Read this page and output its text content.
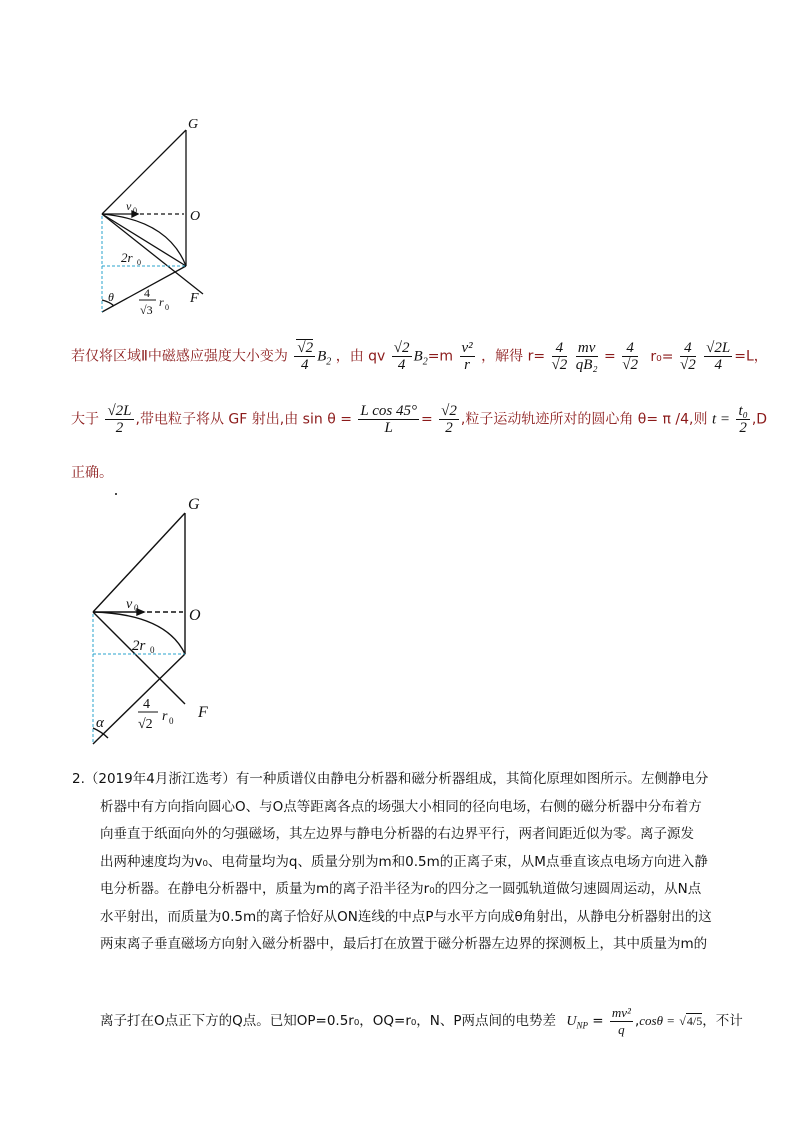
G
O
F
v 0
2r 0
θ	4
√3
r 0
若仅将区域Ⅱ中磁感应强度大小变为 $\frac{√2}{4} B_2$ ，由 qv $\frac{√2}{4} B_2=m \frac{\text{v²}}{r}$ ，解得 $r= \frac{4}{√2}$
$\frac{mv}{\text{qB₂}} = \frac{4}{√2} r_0= \frac{4}{√2}$
$\frac{√2L}{4} =L$，
大于 $\frac{√2L}{2}$ ,带电粒子将从 GF 射出,由 $\sin \theta = \frac{\text{L cos 45°}}{L} = \frac{√2}{2}$ ,粒子运动轨迹所对的圆心角 θ= π /4,则 $t = \frac{\text{t₀}}{2} ,D$
正确。
G
O
F
v 0
2r 0
α
4
√2
r 0

2.（2019年4月浙江选考）有一种质谱仪由静电分析器和磁分析器组成，其简化原理如图所示。左侧静电分

析器中有方向指向圆心O、与O点等距离各点的场强大小相同的径向电场，右侧的磁分析器中分布着方

向垂直于纸面向外的匀强磁场，其左边界与静电分析器的右边界平行，两者间距近似为零。离子源发

出两种速度均为v₀、电荷量均为q、质量分别为m和0.5m的正离子束，从M点垂直该点电场方向进入静

电分析器。在静电分析器中，质量为m的离子沿半径为r₀的四分之一圆弧轨道做匀速圆周运动，从N点

水平射出，而质量为0.5m的离子恰好从ON连线的中点P与水平方向成θ角射出，从静电分析器射出的这

两束离子垂直磁场方向射入磁分析器中，最后打在放置于磁分析器左边界的探测板上，其中质量为m的

离子打在O点正下方的Q点。已知OP=0.5r₀，OQ=r₀，N、P两点间的电势差 $U_{NP} = \frac{\text{mv²}}{q} ,\cos\theta = √4/5$，不计
